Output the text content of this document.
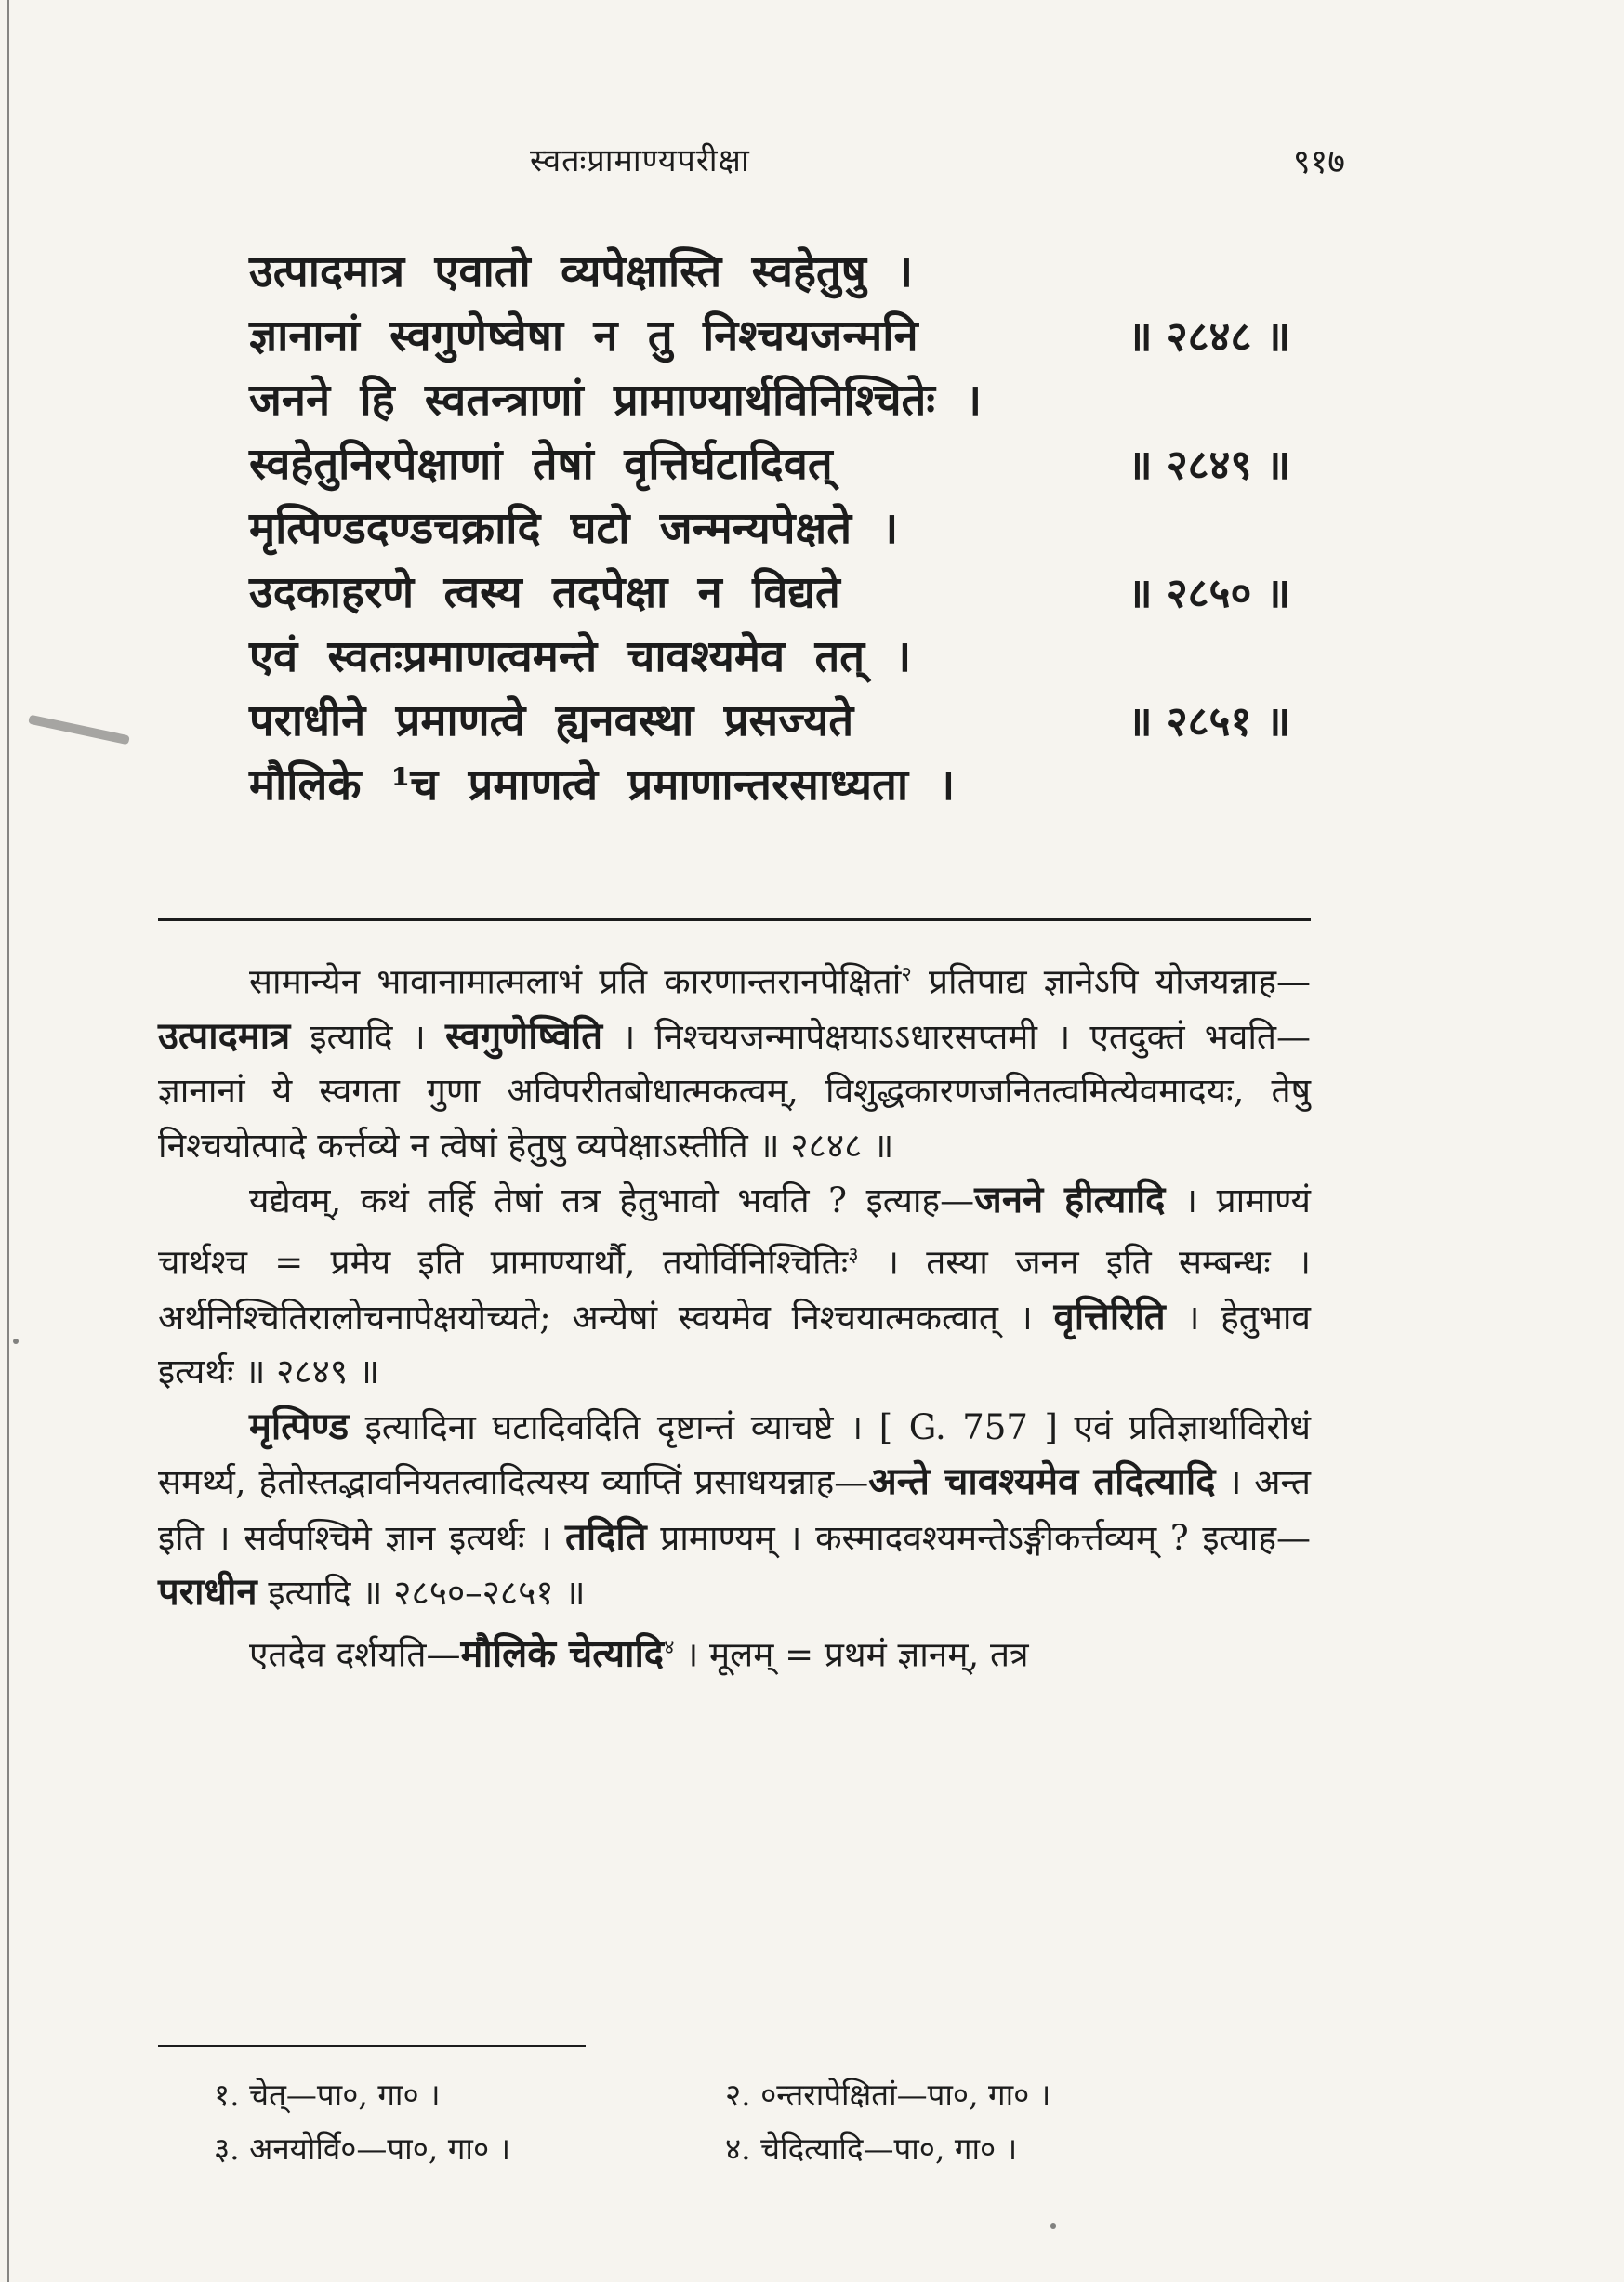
स्वतःप्रामाण्यपरीक्षा	९१७
उत्पादमात्र एवातो व्यपेक्षास्ति स्वहेतुषु ।
ज्ञानानां स्वगुणेष्वेषा न तु निश्चयजन्मनि	॥ २८४८ ॥
जनने हि स्वतन्त्राणां प्रामाण्यार्थविनिश्चितेः ।
स्वहेतुनिरपेक्षाणां तेषां वृत्तिर्घटादिवत्	॥ २८४९ ॥
मृत्पिण्डदण्डचक्रादि घटो जन्मन्यपेक्षते ।
उदकाहरणे त्वस्य तदपेक्षा न विद्यते	॥ २८५० ॥
एवं स्वतःप्रमाणत्वमन्ते चावश्यमेव तत् ।
पराधीने प्रमाणत्वे ह्यनवस्था प्रसज्यते	॥ २८५१ ॥
मौलिके ¹च प्रमाणत्वे प्रमाणान्तरसाध्यता ।

सामान्येन भावानामात्मलाभं प्रति कारणान्तरानपेक्षितां$^२$ प्रतिपाद्य ज्ञानेऽपि योजयन्नाह—उत्पादमात्र इत्यादि । स्वगुणेष्विति । निश्चयजन्मापेक्षयाऽऽधारसप्तमी । एतदुक्तं भवति—ज्ञानानां ये स्वगता गुणा अविपरीतबोधात्मकत्वम्, विशुद्धकारणजनितत्वमित्येवमादयः, तेषु निश्चयोत्पादे कर्त्तव्ये न त्वेषां हेतुषु व्यपेक्षाऽस्तीति ॥ २८४८ ॥

यद्येवम्, कथं तर्हि तेषां तत्र हेतुभावो भवति ? इत्याह—जनने हीत्यादि । प्रामाण्यं चार्थश्च = प्रमेय इति प्रामाण्यार्थौ, तयोर्विनिश्चितिः$^३$ । तस्या जनन इति सम्बन्धः । अर्थनिश्चितिरालोचनापेक्षयोच्यते; अन्येषां स्वयमेव निश्चयात्मकत्वात् । वृत्तिरिति । हेतुभाव इत्यर्थः ॥ २८४९ ॥

मृत्पिण्ड इत्यादिना घटादिवदिति दृष्टान्तं व्याचष्टे । [ G. 757 ] एवं प्रतिज्ञार्थाविरोधं समर्थ्य, हेतोस्तद्भावनियतत्वादित्यस्य व्याप्तिं प्रसाधयन्नाह—अन्ते चावश्यमेव तदित्यादि । अन्त इति । सर्वपश्चिमे ज्ञान इत्यर्थः । तदिति प्रामाण्यम् । कस्मादवश्यमन्तेऽङ्गीकर्त्तव्यम् ? इत्याह—पराधीन इत्यादि ॥ २८५०–२८५१ ॥

एतदेव दर्शयति—मौलिके चेत्यादि$^४$ । मूलम् = प्रथमं ज्ञानम्, तत्र

१. चेत्—पा०, गा० ।	२. ०न्तरापेक्षितां—पा०, गा० ।
३. अनयोर्वि०—पा०, गा० ।	४. चेदित्यादि—पा०, गा० ।
